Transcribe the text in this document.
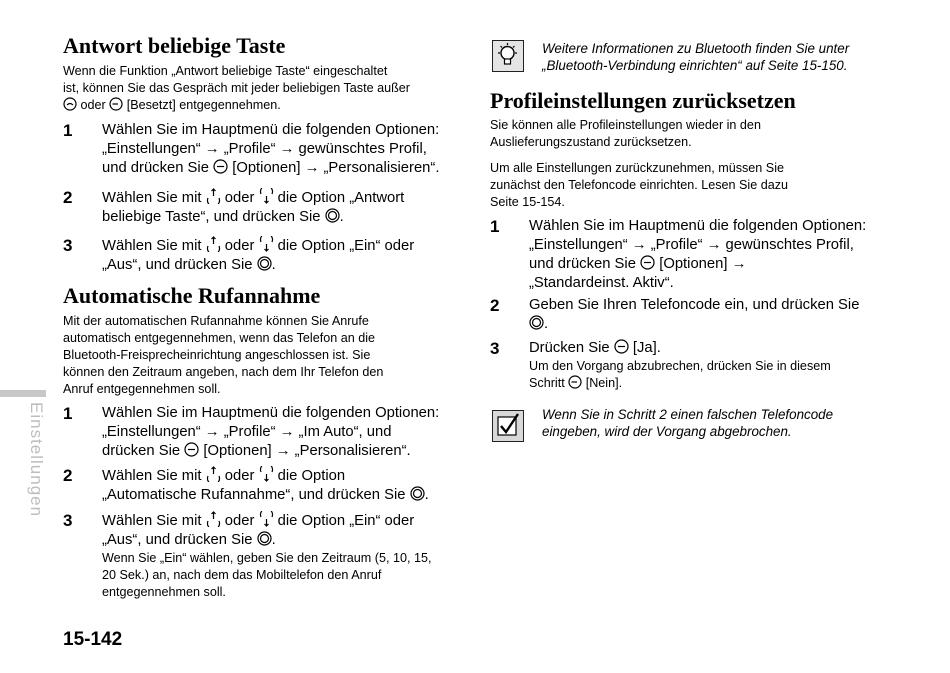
Antwort beliebige Taste
Wenn die Funktion „Antwort beliebige Taste“ eingeschaltet
ist, können Sie das Gespräch mit jeder beliebigen Taste außer
oder [Besetzt] entgegennehmen.
1 Wählen Sie im Hauptmenü die folgenden Optionen:
„Einstellungen“ → „Profile“ → gewünschtes Profil,
und drücken Sie [Optionen] → „Personalisieren“.
2 Wählen Sie mit oder die Option „Antwort
beliebige Taste“, und drücken Sie .
3 Wählen Sie mit oder die Option „Ein“ oder
„Aus“, und drücken Sie .
Automatische Rufannahme
Mit der automatischen Rufannahme können Sie Anrufe
automatisch entgegennehmen, wenn das Telefon an die
Bluetooth-Freisprecheinrichtung angeschlossen ist. Sie
können den Zeitraum angeben, nach dem Ihr Telefon den
Anruf entgegennehmen soll.
1 Wählen Sie im Hauptmenü die folgenden Optionen:
„Einstellungen“ → „Profile“ → „Im Auto“, und
drücken Sie [Optionen] → „Personalisieren“.
2 Wählen Sie mit oder die Option
„Automatische Rufannahme“, und drücken Sie .
3 Wählen Sie mit oder die Option „Ein“ oder
„Aus“, und drücken Sie .
Wenn Sie „Ein“ wählen, geben Sie den Zeitraum (5, 10, 15,
20 Sek.) an, nach dem das Mobiltelefon den Anruf
entgegennehmen soll.
Weitere Informationen zu Bluetooth finden Sie unter
„Bluetooth-Verbindung einrichten“ auf Seite 15-150.
Profileinstellungen zurücksetzen
Sie können alle Profileinstellungen wieder in den
Auslieferungszustand zurücksetzen.
Um alle Einstellungen zurückzunehmen, müssen Sie
zunächst den Telefoncode einrichten. Lesen Sie dazu
Seite 15-154.
1 Wählen Sie im Hauptmenü die folgenden Optionen:
„Einstellungen“ → „Profile“ → gewünschtes Profil,
und drücken Sie [Optionen] →
„Standardeinst. Aktiv“.
2 Geben Sie Ihren Telefoncode ein, und drücken Sie
.
3 Drücken Sie [Ja].
Um den Vorgang abzubrechen, drücken Sie in diesem
Schritt [Nein].
Wenn Sie in Schritt 2 einen falschen Telefoncode
eingeben, wird der Vorgang abgebrochen.
Einstellungen
15-142
